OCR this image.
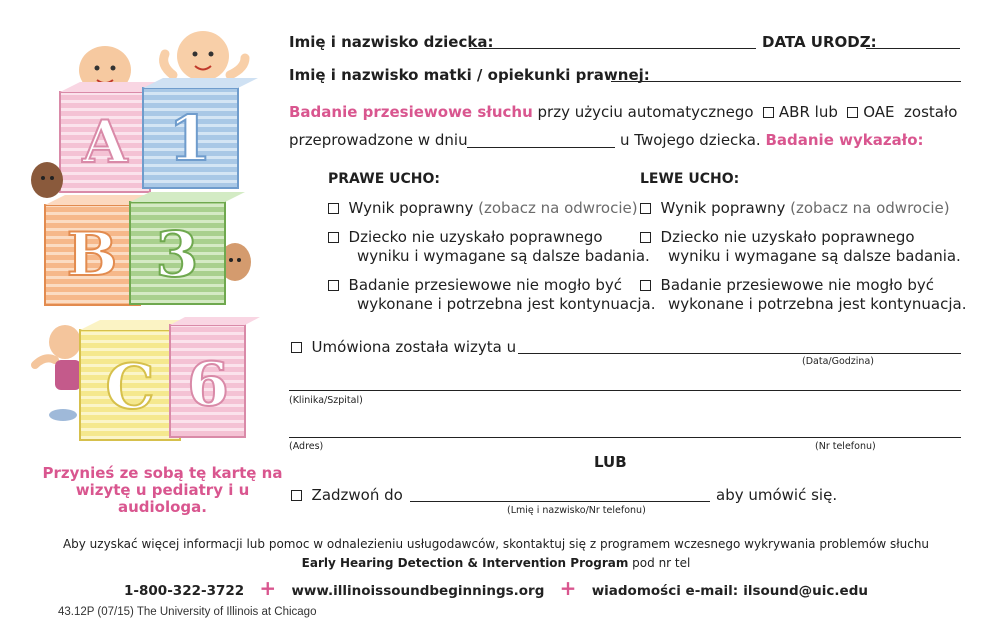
A 1
B 3
C 6
Przynieś ze sobą tę kartę na wizytę u pediatry i u audiologa.
Imię i nazwisko dziecka:	DATA URODZ:
Imię i nazwisko matki / opiekunki prawnej:
Badanie przesiewowe słuchu przy użyciu automatycznego ABR lub OAE zostało
przeprowadzone w dniu	u Twojego dziecka. Badanie wykazało:
PRAWE UCHO:
Wynik poprawny (zobacz na odwrocie)
Dziecko nie uzyskało poprawnego
wyniku i wymagane są dalsze badania.
Badanie przesiewowe nie mogło być
wykonane i potrzebna jest kontynuacja.
LEWE UCHO:
Wynik poprawny (zobacz na odwrocie)
Dziecko nie uzyskało poprawnego
wyniku i wymagane są dalsze badania.
Badanie przesiewowe nie mogło być
wykonane i potrzebna jest kontynuacja.
Umówiona została wizyta u
(Data/Godzina)
(Klinika/Szpital)
(Adres)	(Nr telefonu)
LUB
Zadzwoń do	aby umówić się.
(Lmię i nazwisko/Nr telefonu)
Aby uzyskać więcej informacji lub pomoc w odnalezieniu usługodawców, skontaktuj się z programem wczesnego wykrywania problemów słuchu
Early Hearing Detection & Intervention Program pod nr tel
1-800-322-3722 + www.illinoissoundbeginnings.org + wiadomości e-mail: ilsound@uic.edu
43.12P (07/15) The University of Illinois at Chicago
